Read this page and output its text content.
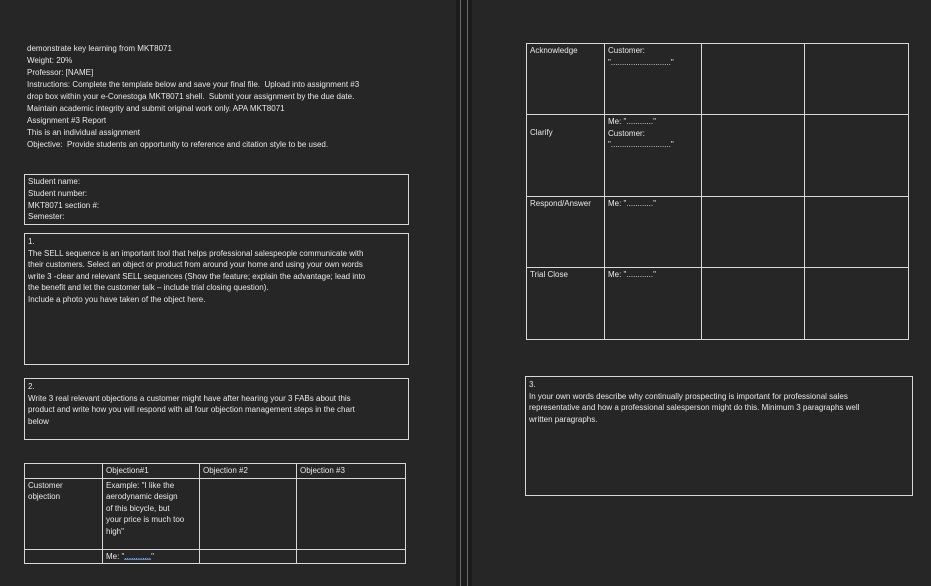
demonstrate key learning from MKT8071
Weight: 20%
Professor: [NAME]
Instructions: Complete the template below and save your final file.  Upload into assignment #3
drop box within your e-Conestoga MKT8071 shell.  Submit your assignment by the due date.
Maintain academic integrity and submit original work only. APA MKT8071
Assignment #3 Report
This is an individual assignment
Objective:  Provide students an opportunity to reference and citation style to be used.
Student name:
Student number:
MKT8071 section #:
Semester:
1.
The SELL sequence is an important tool that helps professional salespeople communicate with
their customers. Select an object or product from around your home and using your own words
write 3 -clear and relevant SELL sequences (Show the feature; explain the advantage; lead into
the benefit and let the customer talk – include trial closing question).
Include a photo you have taken of the object here.
2.
Write 3 real relevant objections a customer might have after hearing your 3 FABs about this
product and write how you will respond with all four objection management steps in the chart
below
	Objection#1	Objection #2	Objection #3
Customer
objection	Example: "I like the
aerodynamic design
of this bicycle, but
your price is much too
high"		
	Me: "............"		
Acknowledge	Customer:
"..........................."		
Clarify	Me: "............"
Customer:
"..........................."		
Respond/Answer	Me: "............"		
Trial Close	Me: "............"		
3.
In your own words describe why continually prospecting is important for professional sales
representative and how a professional salesperson might do this. Minimum 3 paragraphs well
written paragraphs.
